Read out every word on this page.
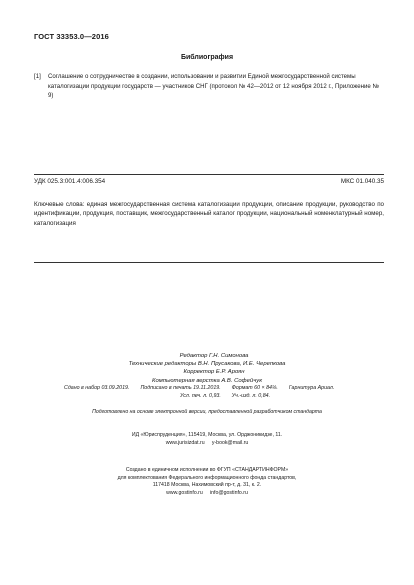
ГОСТ 33353.0—2016
Библиография
[1] Соглашение о сотрудничестве в создании, использовании и развитии Единой межгосударственной системы каталогизации продукции государств — участников СНГ (протокол № 42—2012 от 12 ноября 2012 г., Приложение № 9)
УДК 025.3:001.4:006.354	МКС 01.040.35
Ключевые слова: единая межгосударственная система каталогизации продукции, описание продукции, руководство по идентификации, продукция, поставщик, межгосударственный каталог продукции, национальный номенклатурный номер, каталогизация
Редактор Г.Н. Симонова
Технические редакторы В.Н. Прусакова, И.Е. Черепкова
Корректор Е.Р. Ароян
Компьютерная верстка А.В. Софейчук
Сдано в набор 03.09.2019. Подписано в печать 19.11.2019. Формат 60 × 84⅛. Гарнитура Ариал.
Усл. печ. л. 0,93. Уч.-изд. л. 0,84.
Подготовлено на основе электронной версии, предоставленной разработчиком стандарта
ИД «Юриспруденция», 115419, Москва, ул. Орджоникидзе, 11.
www.jurisizdat.ru     y-book@mail.ru
Создано в единичном исполнении во ФГУП «СТАНДАРТИНФОРМ»
для комплектования Федерального информационного фонда стандартов,
117418 Москва, Нахимовский пр-т, д. 31, к. 2.
www.gostinfo.ru     info@gostinfo.ru
